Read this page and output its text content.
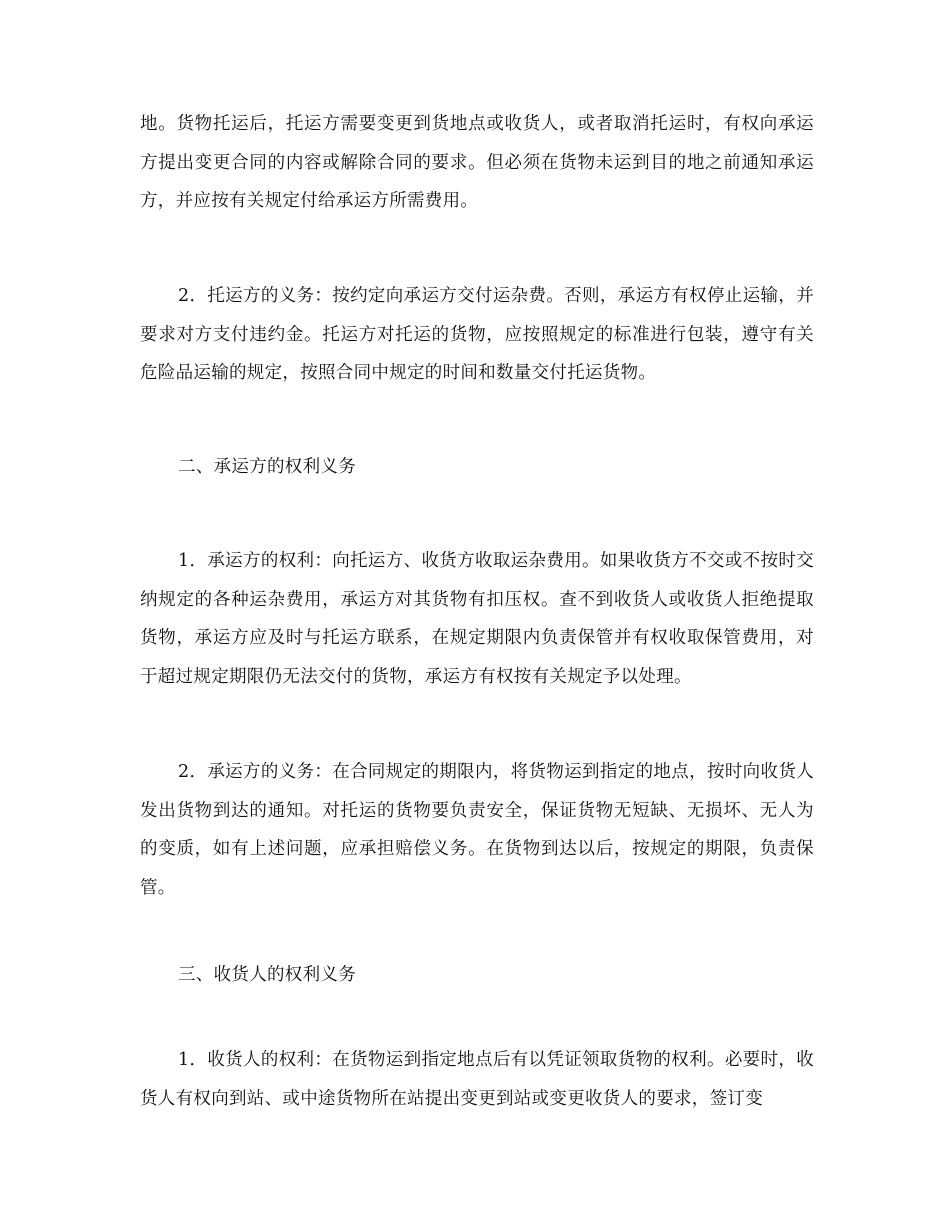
地。货物托运后，托运方需要变更到货地点或收货人，或者取消托运时，有权向承运方提出变更合同的内容或解除合同的要求。但必须在货物未运到目的地之前通知承运方，并应按有关规定付给承运方所需费用。

2．托运方的义务：按约定向承运方交付运杂费。否则，承运方有权停止运输，并要求对方支付违约金。托运方对托运的货物，应按照规定的标准进行包装，遵守有关危险品运输的规定，按照合同中规定的时间和数量交付托运货物。

二、承运方的权利义务

1．承运方的权利：向托运方、收货方收取运杂费用。如果收货方不交或不按时交纳规定的各种运杂费用，承运方对其货物有扣压权。查不到收货人或收货人拒绝提取货物，承运方应及时与托运方联系，在规定期限内负责保管并有权收取保管费用，对于超过规定期限仍无法交付的货物，承运方有权按有关规定予以处理。

2．承运方的义务：在合同规定的期限内，将货物运到指定的地点，按时向收货人发出货物到达的通知。对托运的货物要负责安全，保证货物无短缺、无损坏、无人为的变质，如有上述问题，应承担赔偿义务。在货物到达以后，按规定的期限，负责保管。

三、收货人的权利义务

1．收货人的权利：在货物运到指定地点后有以凭证领取货物的权利。必要时，收货人有权向到站、或中途货物所在站提出变更到站或变更收货人的要求，签订变
